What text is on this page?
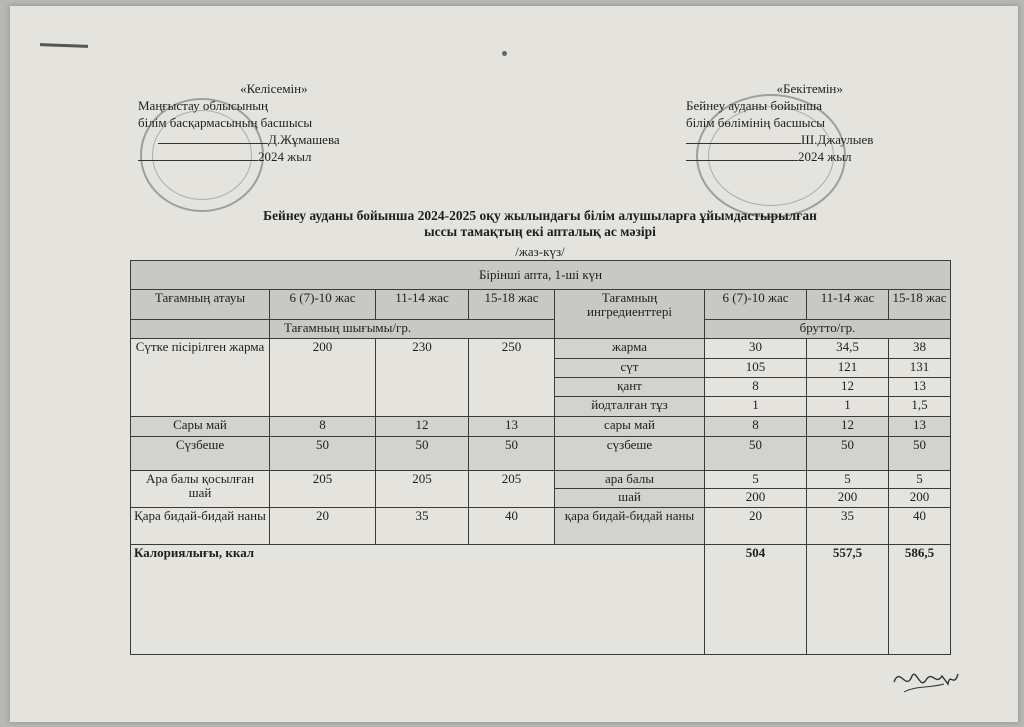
«Келісемін»
Маңғыстау облысының
білім басқармасының басшысы
Д.Жұмашева
2024 жыл
«Бекітемін»
Бейнеу ауданы бойынша
білім бөлімінің басшысы
Ш.Джаулыев
2024 жыл
Бейнеу ауданы бойынша 2024-2025 оқу жылындағы білім алушыларға ұйымдастырылған
ыссы тамақтың екі апталық ас мәзірі
/жаз-күз/
Бірінші апта, 1-ші күн							
Тағамның атауы	6 (7)-10 жас	11-14 жас	15-18 жас	Тағамның ингредиенттері	6 (7)-10 жас	11-14 жас	15-18 жас
	Тағамның шығымы/гр.				брутто/гр.		
Сүтке пісірілген жарма	200	230	250	жарма	30	34,5	38
				сүт	105	121	131
				қант	8	12	13
				йодталған тұз	1	1	1,5
Сары май	8	12	13	сары май	8	12	13
Сүзбеше	50	50	50	сүзбеше	50	50	50
Ара балы қосылған шай	205	205	205	ара балы	5	5	5
				шай	200	200	200
Қара бидай-бидай наны	20	35	40	қара бидай-бидай наны	20	35	40
Калориялығы, ккал					504	557,5	586,5
